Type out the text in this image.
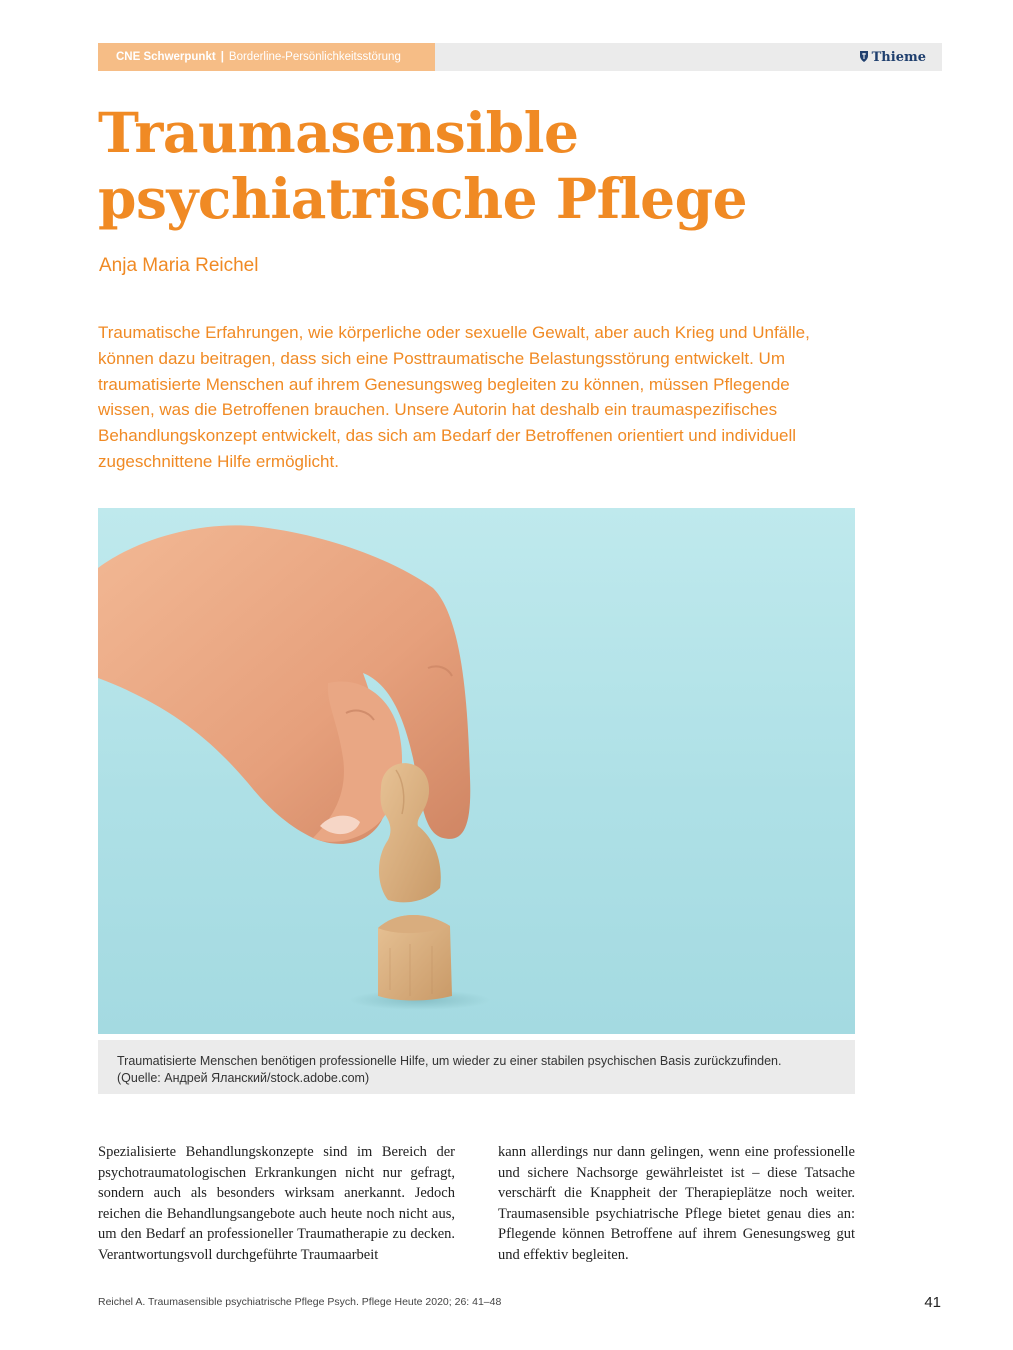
CNE Schwerpunkt | Borderline-Persönlichkeitsstörung	Thieme
Traumasensible psychiatrische Pflege
Anja Maria Reichel

Traumatische Erfahrungen, wie körperliche oder sexuelle Gewalt, aber auch Krieg und Unfälle, können dazu beitragen, dass sich eine Posttraumatische Belastungsstörung entwickelt. Um traumatisierte Menschen auf ihrem Genesungsweg begleiten zu können, müssen Pflegende wissen, was die Betroffenen brauchen. Unsere Autorin hat deshalb ein traumaspezifisches Behandlungskonzept entwickelt, das sich am Bedarf der Betroffenen orientiert und individuell zugeschnittene Hilfe ermöglicht.

Traumatisierte Menschen benötigen professionelle Hilfe, um wieder zu einer stabilen psychischen Basis zurückzufinden.
(Quelle: Андрей Яланский/stock.adobe.com)

Spezialisierte Behandlungskonzepte sind im Bereich der psychotraumatologischen Erkrankungen nicht nur gefragt, sondern auch als besonders wirksam anerkannt. Jedoch reichen die Behandlungsangebote auch heute noch nicht aus, um den Bedarf an professioneller Traumatherapie zu decken. Verantwortungsvoll durchgeführte Traumaarbeit

kann allerdings nur dann gelingen, wenn eine professionelle und sichere Nachsorge gewährleistet ist – diese Tatsache verschärft die Knappheit der Therapieplätze noch weiter. Traumasensible psychiatrische Pflege bietet genau dies an: Pflegende können Betroffene auf ihrem Genesungsweg gut und effektiv begleiten.

Reichel A. Traumasensible psychiatrische Pflege Psych. Pflege Heute 2020; 26: 41–48	41
